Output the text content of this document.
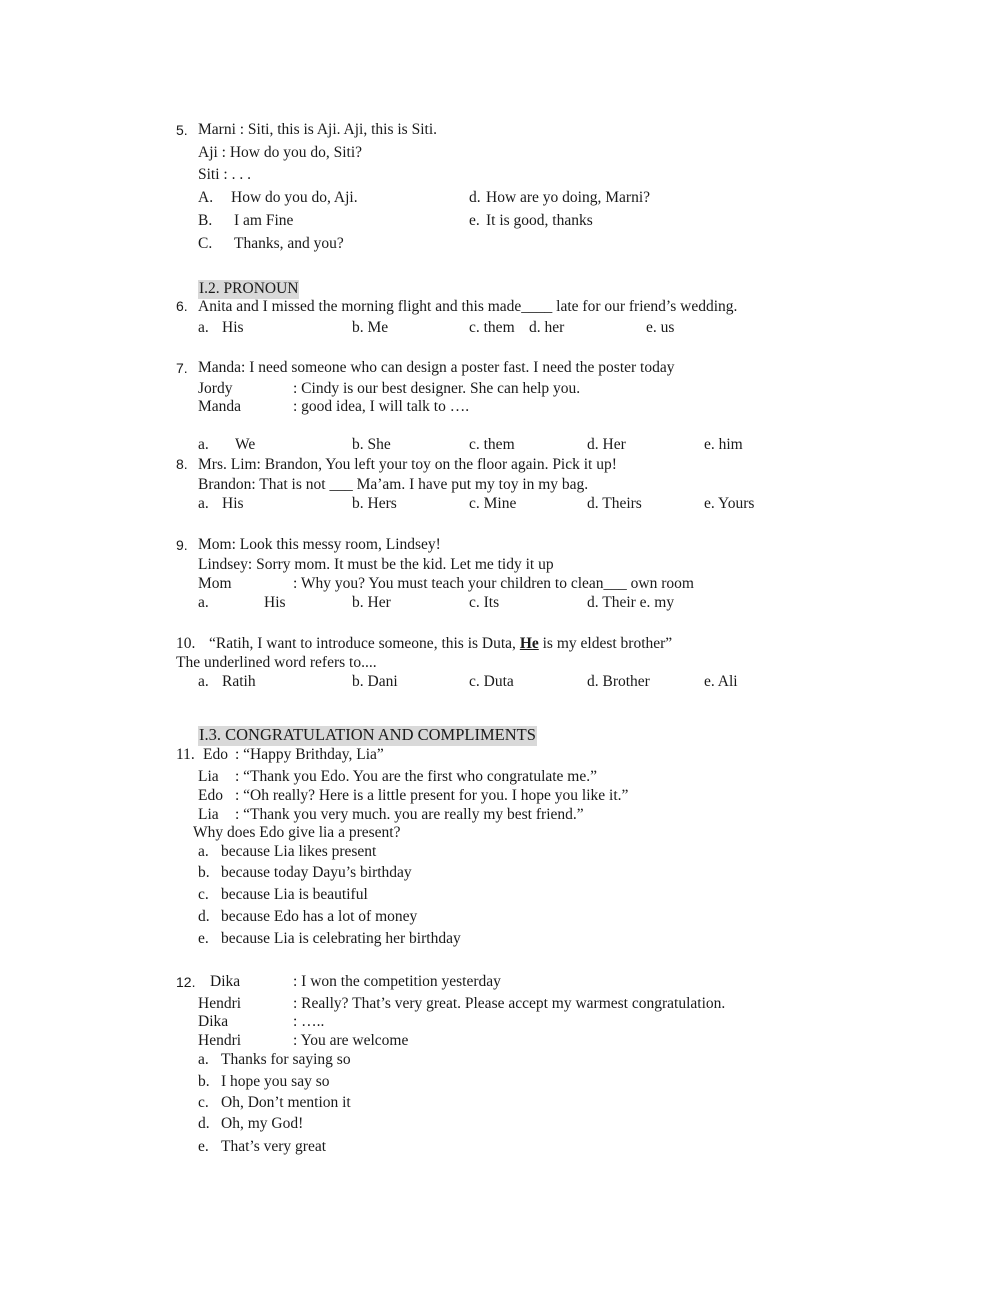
5. Marni : Siti, this is Aji. Aji, this is Siti.
Aji : How do you do, Siti?
Siti : . . .
A. How do you do, Aji.
B. I am Fine
C. Thanks, and you?
d. How are yo doing, Marni?
e. It is good, thanks
I.2. PRONOUN
6. Anita and I missed the morning flight and this made____ late for our friend’s wedding.
a. His	b. Me	c. them d. her	e. us
7. Manda: I need someone who can design a poster fast. I need the poster today
Jordy	: Cindy is our best designer. She can help you.
Manda	: good idea, I will talk to ….
a. We	b. She	c. them	d. Her	e. him
8. Mrs. Lim: Brandon, You left your toy on the floor again. Pick it up!
Brandon: That is not ___ Ma’am. I have put my toy in my bag.
a. His	b. Hers	c. Mine	d. Theirs	e. Yours
9. Mom: Look this messy room, Lindsey!
Lindsey: Sorry mom. It must be the kid. Let me tidy it up
Mom	: Why you? You must teach your children to clean___ own room
a.	His	b. Her	c. Its	d. Their e. my
10. “Ratih, I want to introduce someone, this is Duta, He is my eldest brother”
The underlined word refers to....
a. Ratih	b. Dani	c. Duta	d. Brother	e. Ali
I.3. CONGRATULATION AND COMPLIMENTS
11. Edo : “Happy Brithday, Lia”
Lia : “Thank you Edo. You are the first who congratulate me.”
Edo : “Oh really? Here is a little present for you. I hope you like it.”
Lia : “Thank you very much. you are really my best friend.”
Why does Edo give lia a present?
a. because Lia likes present
b. because today Dayu’s birthday
c. because Lia is beautiful
d. because Edo has a lot of money
e. because Lia is celebrating her birthday
12. Dika	: I won the competition yesterday
Hendri	: Really? That’s very great. Please accept my warmest congratulation.
Dika	: …..
Hendri	: You are welcome
a. Thanks for saying so
b. I hope you say so
c. Oh, Don’t mention it
d. Oh, my God!
e. That’s very great
